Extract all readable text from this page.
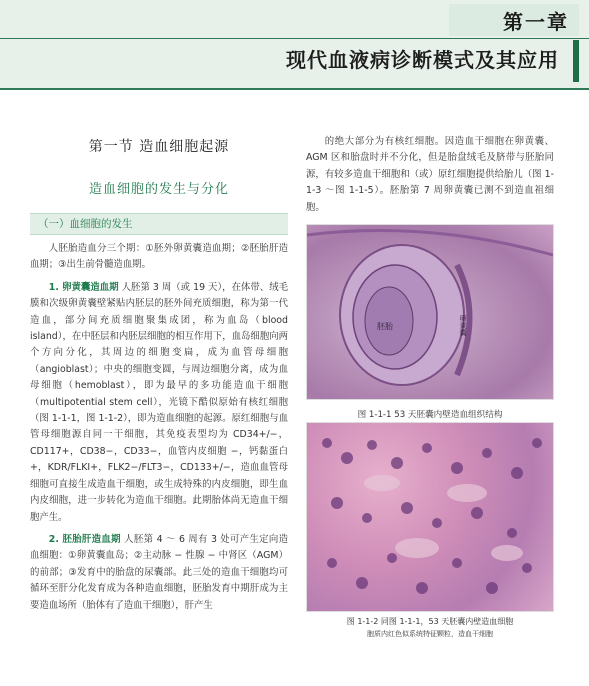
第一章
现代血液病诊断模式及其应用
第一节 造血细胞起源
造血细胞的发生与分化
（一）血细胞的发生

人胚胎造血分三个期：①胚外卵黄囊造血期；②胚胎肝造血期；③出生前骨髓造血期。

1. 卵黄囊造血期 人胚第 3 周（或 19 天），在体带、绒毛膜和次级卵黄囊壁紧贴内胚层的胚外间充质细胞，称为第一代造血，部分间充质细胞聚集成团，称为血岛（blood island），在中胚层和内胚层细胞的相互作用下，血岛细胞向两个方向分化，其周边的细胞变扁，成为血管母细胞（angioblast）；中央的细胞变圆，与周边细胞分离，成为血母细胞（hemoblast），即为最早的多功能造血干细胞（multipotential stem cell），光镜下酷似原始有核红细胞（图 1-1-1，图 1-1-2），即为造血细胞的起源。原红细胞与血管母细胞源自同一干细胞，其免疫表型均为 CD34+/−，CD117+，CD38−，CD33−，血管内皮细胞 −，钙黏蛋白 +，KDR/FLKI+，FLK2−/FLT3−，CD133+/−，造血血管母细胞可直接生成造血干细胞，或生成特殊的内皮细胞，即生血内皮细胞，进一步转化为造血干细胞。此期胎体尚无造血干细胞产生。

2. 胚胎肝造血期 人胚第 4 ～ 6 周有 3 处可产生定向造血细胞：①卵黄囊血岛；②主动脉 − 性腺 − 中肾区（AGM）的前部；③发育中的胎盘的尿囊部。此三处的造血干细胞均可循环至肝分化发育成为各种造血细胞，胚胎发育中期肝成为主要造血场所（胎体有了造血干细胞），肝产生

的绝大部分为有核红细胞。因造血干细胞在卵黄囊、AGM 区和胎盘时并不分化，但是胎盘绒毛及脐带与胚胎同源，有较多造血干细胞和（或）原红细胞提供给胎儿（图 1-1-3 ～图 1-1-5）。胚胎第 7 周卵黄囊已测不到造血祖细胞。

胚胎	卵黄囊
图 1-1-1 53 天胚囊内壁造血组织结构
图 1-1-2 同图 1-1-1，53 天胚囊内壁造血细胞
胞质内红色似系统特征颗粒，造血干细胞
